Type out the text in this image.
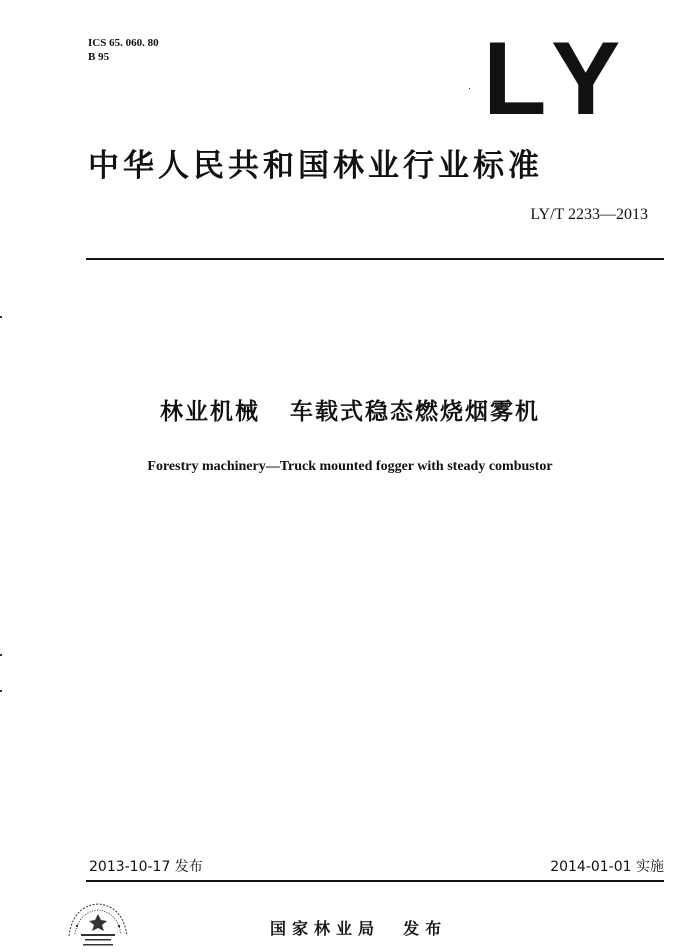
ICS 65. 060. 80
B 95	LY
中华人民共和国林业行业标准
LY/T 2233—2013
林业机械   车载式稳态燃烧烟雾机
Forestry machinery—Truck mounted fogger with steady combustor
2013-10-17 发布	2014-01-01 实施
国家林业局  发布
